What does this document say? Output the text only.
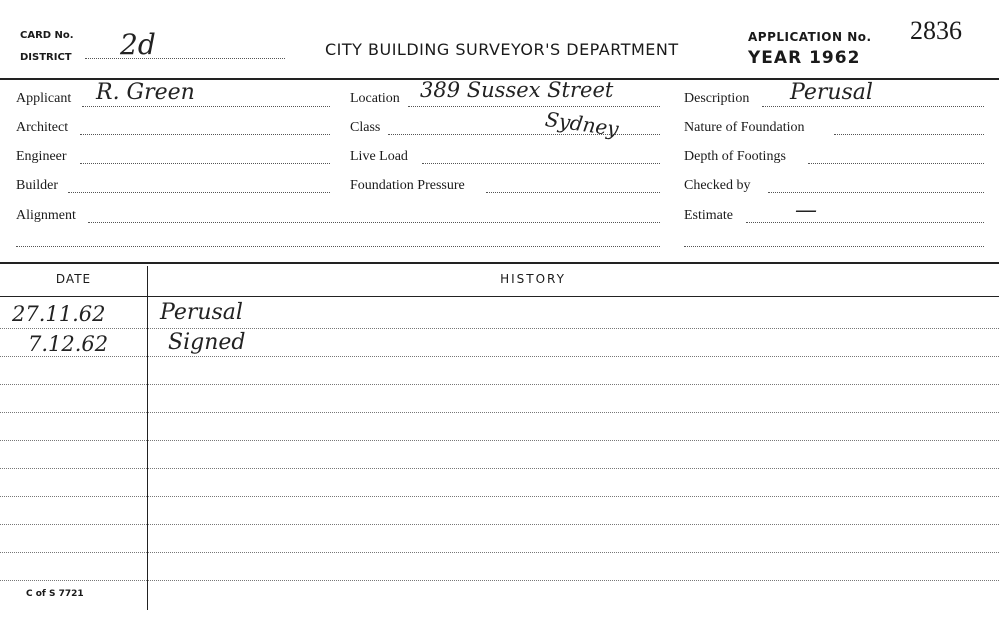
CARD No.
DISTRICT 2d	CITY BUILDING SURVEYOR'S DEPARTMENT
APPLICATION No. 2836
YEAR 1962
Applicant R. Green
Architect
Engineer
Builder
Alignment
Location 389 Sussex Street
Class	Sydney
Live Load
Foundation Pressure
Description Perusal
Nature of Foundation
Depth of Footings
Checked by
Estimate	—
DATE	HISTORY
27.11.62 Perusal
7.12.62	Signed
C of S 7721
